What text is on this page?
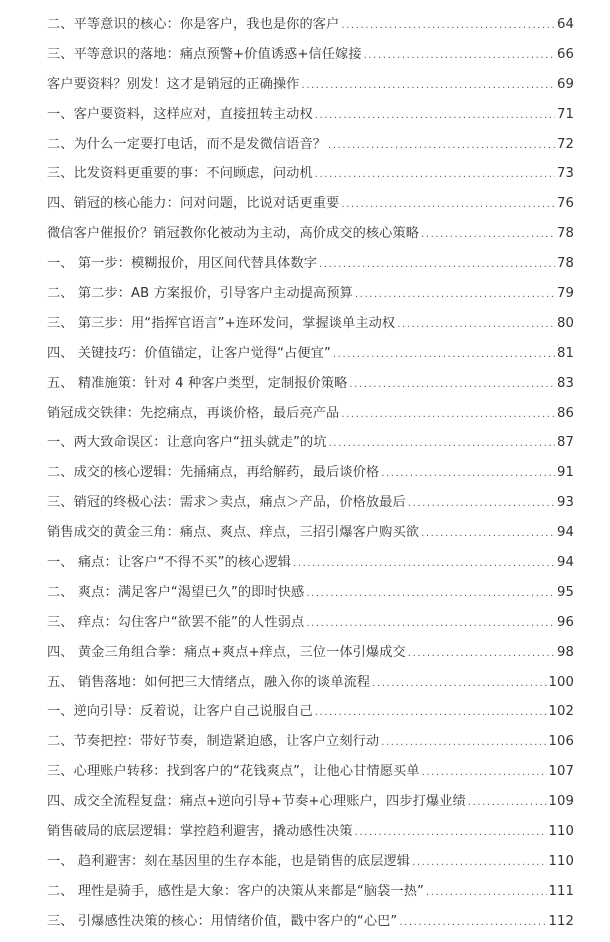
二、平等意识的核心：你是客户，我也是你的客户 .....	64
三、平等意识的落地：痛点预警+价值诱惑+信任嫁接 .....	66
客户要资料？别发！这才是销冠的正确操作 .....	69
一、客户要资料，这样应对，直接扭转主动权 .....	71
二、为什么一定要打电话，而不是发微信语音？ .....	72
三、比发资料更重要的事：不问顾虑，问动机 .....	73
四、销冠的核心能力：问对问题，比说对话更重要 .....	76
微信客户催报价？销冠教你化被动为主动，高价成交的核心策略 .....	78
一、 第一步：模糊报价，用区间代替具体数字 .....	78
二、 第二步：AB 方案报价，引导客户主动提高预算 .....	79
三、 第三步：用“指挥官语言”+连环发问，掌握谈单主动权 .....	80
四、 关键技巧：价值锚定，让客户觉得“占便宜” .....	81
五、 精准施策：针对 4 种客户类型，定制报价策略 .....	83
销冠成交铁律：先挖痛点，再谈价格，最后亮产品 .....	86
一、两大致命误区：让意向客户“扭头就走”的坑 .....	87
二、成交的核心逻辑：先捅痛点，再给解药，最后谈价格 .....	91
三、销冠的终极心法：需求＞卖点，痛点＞产品，价格放最后 .....	93
销售成交的黄金三角：痛点、爽点、痒点，三招引爆客户购买欲 .....	94
一、 痛点：让客户“不得不买”的核心逻辑 .....	94
二、 爽点：满足客户“渴望已久”的即时快感 .....	95
三、 痒点：勾住客户“欲罢不能”的人性弱点 .....	96
四、 黄金三角组合拳：痛点+爽点+痒点，三位一体引爆成交 .....	98
五、 销售落地：如何把三大情绪点，融入你的谈单流程 .....	100
一、逆向引导：反着说，让客户自己说服自己 .....	102
二、节奏把控：带好节奏，制造紧迫感，让客户立刻行动 .....	106
三、心理账户转移：找到客户的“花钱爽点”，让他心甘情愿买单 .....	107
四、成交全流程复盘：痛点+逆向引导+节奏+心理账户，四步打爆业绩 .....	109
销售破局的底层逻辑：掌控趋利避害，撬动感性决策 .....	110
一、 趋利避害：刻在基因里的生存本能，也是销售的底层逻辑 .....	110
二、 理性是骑手，感性是大象：客户的决策从来都是“脑袋一热” .....	111
三、 引爆感性决策的核心：用情绪价值，戳中客户的“心巴” .....	112
